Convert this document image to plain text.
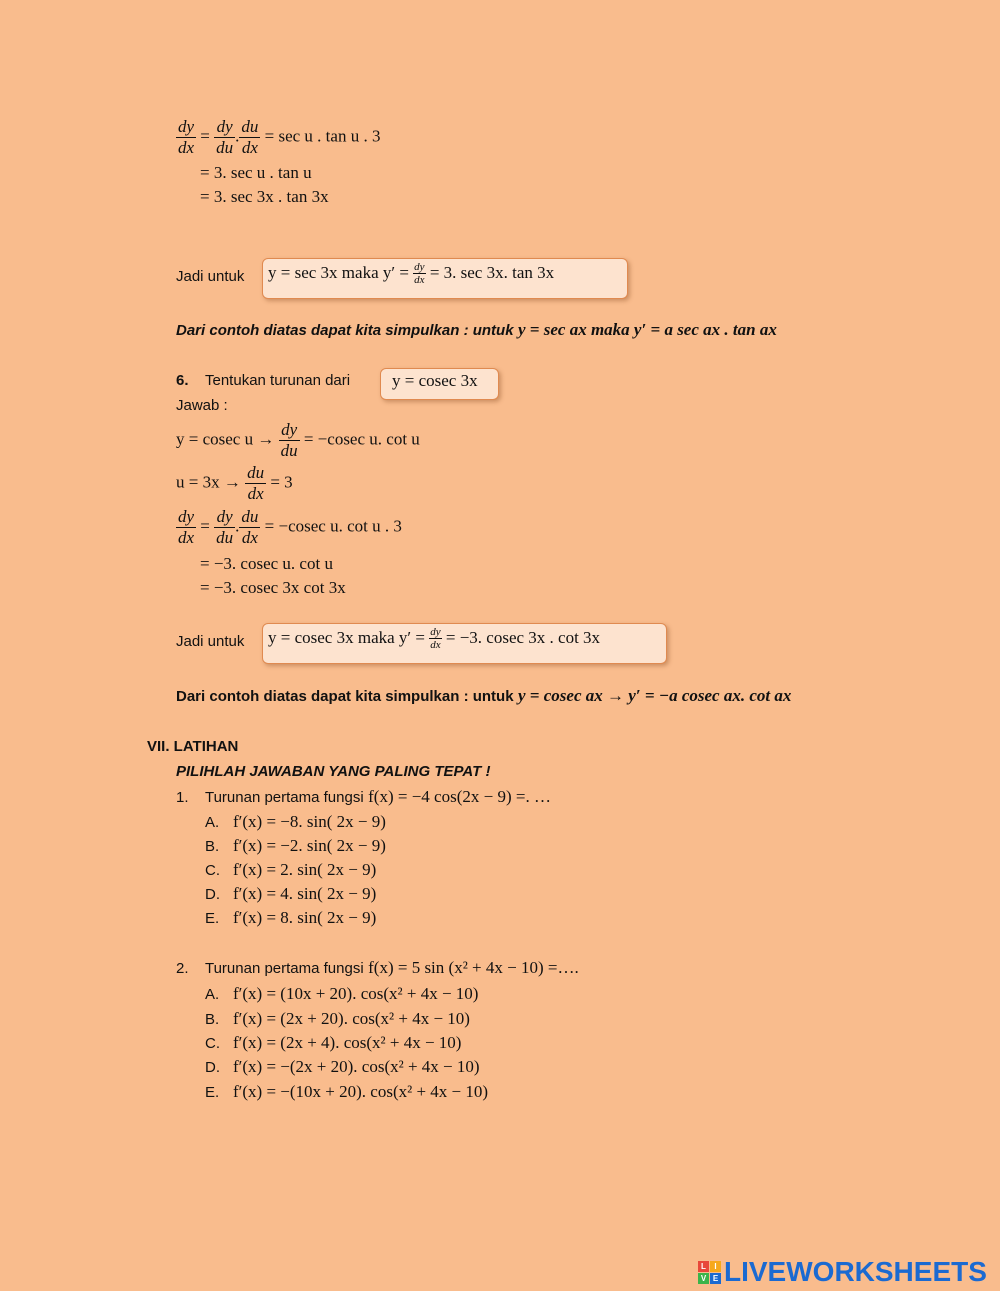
$\frac{dy}{dx} = \frac{dy}{du}$ . $\frac{du}{dx} = \sec u$ . tan u . 3
= 3. sec u . tan u
= 3. sec 3x . tan 3x
Jadi untuk y = sec 3x maka $y' = \frac{dy}{dx} = 3$. sec 3x. tan 3x
Dari contoh diatas dapat kita simpulkan : untuk y = sec ax maka y′ = a sec ax . tan ax
6. Tentukan turunan dari y = cosec 3x
Jawab :
y = cosec $u \to \frac{dy}{du} = -cosec$ u. cot u
$u = 3x \to \frac{du}{dx} = 3$
$\frac{dy}{dx} = \frac{dy}{du}$ . $\frac{du}{dx} = -cosec$ u. cot u . 3
= −3. cosec u. cot u
= −3. cosec 3x cot 3x
Jadi untuk y = cosec 3x maka $y' = \frac{dy}{dx} = -3$. cosec 3x . cot 3x
Dari contoh diatas dapat kita simpulkan : untuk y = cosec ax → y′ = −a cosec ax. cot ax
VII. LATIHAN
PILIHLAH JAWABAN YANG PALING TEPAT !
1. Turunan pertama fungsi f(x) = −4 cos(2x − 9) =. …
A. f′(x) = −8. sin( 2x − 9)
B. f′(x) = −2. sin( 2x − 9)
C. f′(x) = 2. sin( 2x − 9)
D. f′(x) = 4. sin( 2x − 9)
E. f′(x) = 8. sin( 2x − 9)
2. Turunan pertama fungsi f(x) = 5 sin (x² + 4x − 10) =….
A. f′(x) = (10x + 20). cos(x² + 4x − 10)
B. f′(x) = (2x + 20). cos(x² + 4x − 10)
C. f′(x) = (2x + 4). cos(x² + 4x − 10)
D. f′(x) = −(2x + 20). cos(x² + 4x − 10)
E. f′(x) = −(10x + 20). cos(x² + 4x − 10)
L	I
V E LIVEWORKSHEETS
